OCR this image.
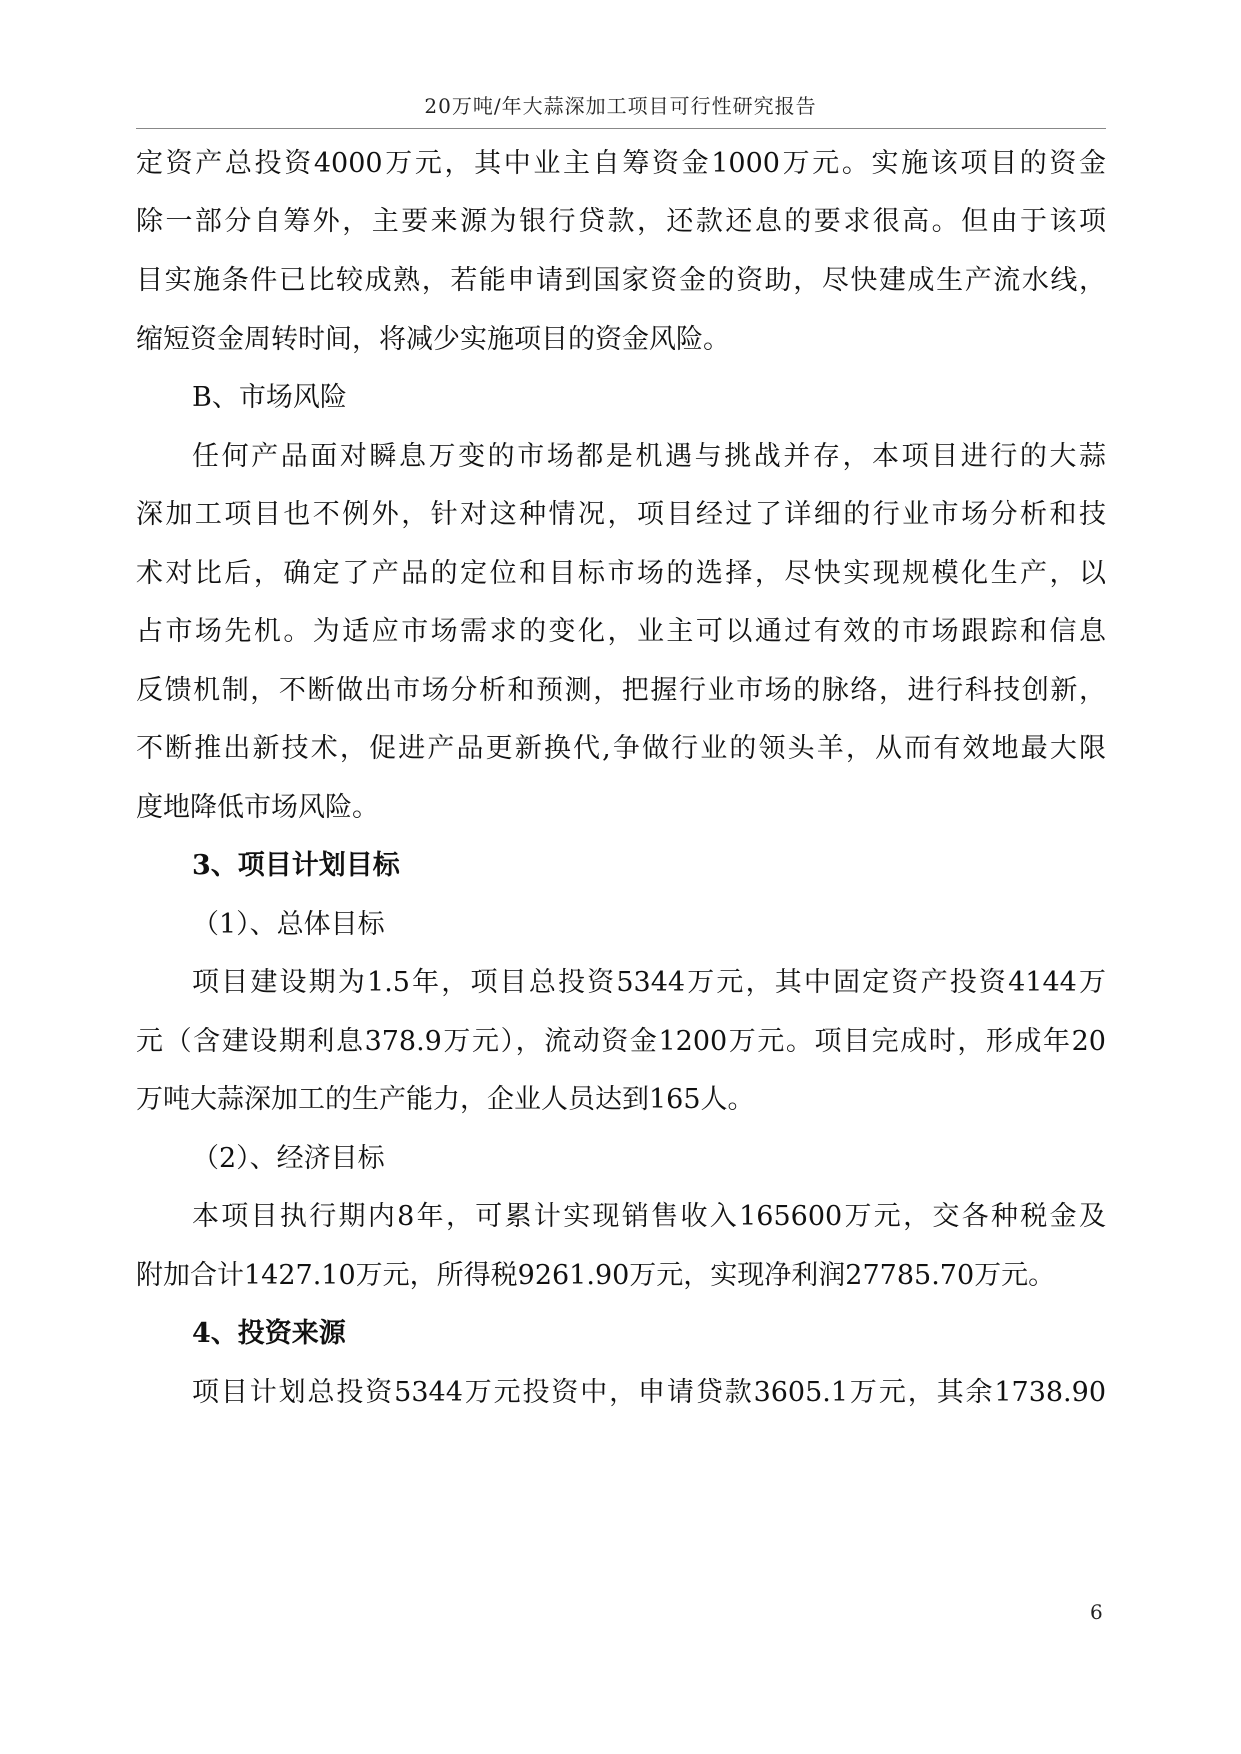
20万吨/年大蒜深加工项目可行性研究报告
定资产总投资4000万元，其中业主自筹资金1000万元。实施该项目的资金
除一部分自筹外，主要来源为银行贷款，还款还息的要求很高。但由于该项
目实施条件已比较成熟，若能申请到国家资金的资助，尽快建成生产流水线，
缩短资金周转时间，将减少实施项目的资金风险。
B、市场风险
任何产品面对瞬息万变的市场都是机遇与挑战并存，本项目进行的大蒜
深加工项目也不例外，针对这种情况，项目经过了详细的行业市场分析和技
术对比后，确定了产品的定位和目标市场的选择，尽快实现规模化生产，以
占市场先机。为适应市场需求的变化，业主可以通过有效的市场跟踪和信息
反馈机制，不断做出市场分析和预测，把握行业市场的脉络，进行科技创新，
不断推出新技术，促进产品更新换代,争做行业的领头羊，从而有效地最大限
度地降低市场风险。
3、项目计划目标
（1）、总体目标
项目建设期为1.5年，项目总投资5344万元，其中固定资产投资4144万
元（含建设期利息378.9万元），流动资金1200万元。项目完成时，形成年20
万吨大蒜深加工的生产能力，企业人员达到165人。
（2）、经济目标
本项目执行期内8年，可累计实现销售收入165600万元，交各种税金及
附加合计1427.10万元，所得税9261.90万元，实现净利润27785.70万元。
4、投资来源
项目计划总投资5344万元投资中，申请贷款3605.1万元，其余1738.90
6
